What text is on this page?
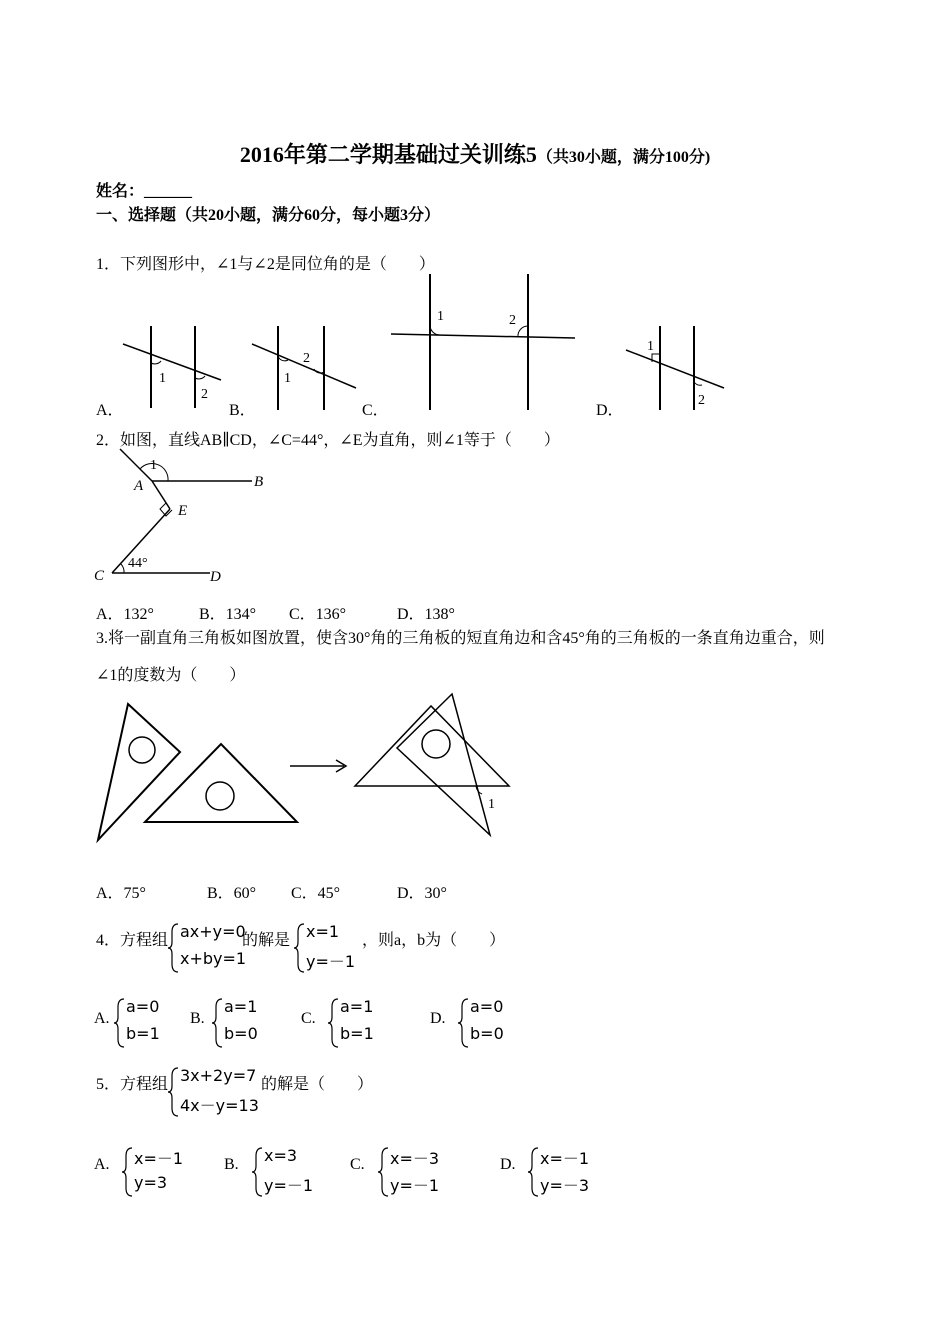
2016年第二学期基础过关训练5（共30小题，满分100分)
姓名：______
一、选择题（共20小题，满分60分，每小题3分）
1．下列图形中，∠1与∠2是同位角的是（　　）
1
2
A．
1
2
B．
1	2
C．
1
2
D．
2．如图，直线AB∥CD，∠C=44°，∠E为直角，则∠1等于（　　）
1
A	B
E
C	D
44°
A．132°	B．134° C．136°	D．138°
3.将一副直角三角板如图放置，使含30°角的三角板的短直角边和含45°角的三角板的一条直角边重合，则
∠1的度数为（　　）
1
A．75°	B．60° C．45°	D．30°
4．方程组 ax+y=0
x+by=1
的解是 x=1
y=－1
，则a，b为（　　）
A.
a=0
b=1
B.
a=1
b=0
C.
a=1
b=1
D.
a=0
b=0
5．方程组 3x+2y=7
4x－y=13
的解是（　　）
A. x=－1
y=3
B. x=3
y=－1
C. x=－3
y=－1
D. x=－1
y=－3
